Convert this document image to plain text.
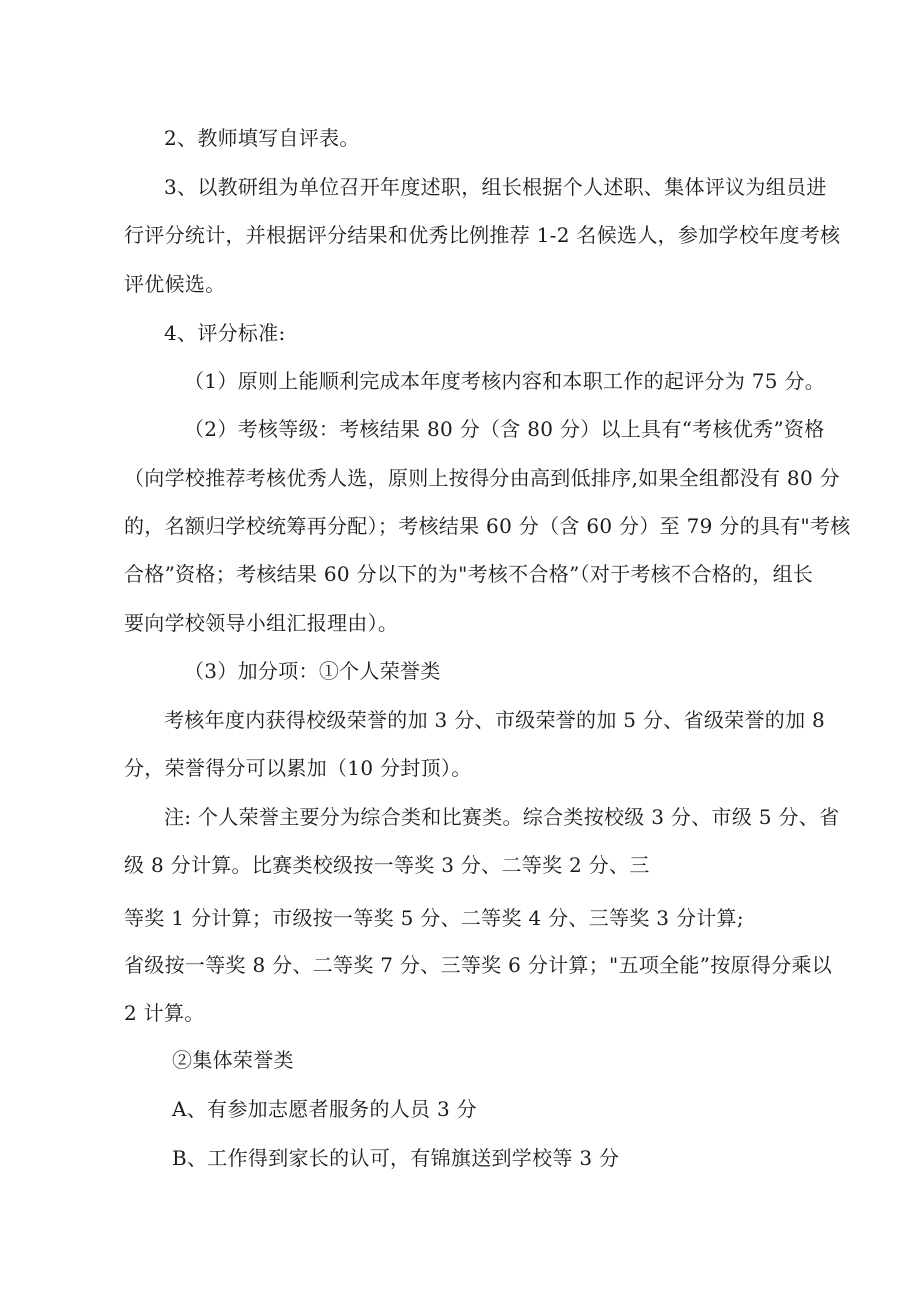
2、教师填写自评表。
3、以教研组为单位召开年度述职，组长根据个人述职、集体评议为组员进
行评分统计，并根据评分结果和优秀比例推荐 1-2 名候选人，参加学校年度考核
评优候选。
4、评分标准:
（1）原则上能顺利完成本年度考核内容和本职工作的起评分为 75 分。
（2）考核等级：考核结果 80 分（含 80 分）以上具有“考核优秀”资格
（向学校推荐考核优秀人选，原则上按得分由高到低排序,如果全组都没有 80 分
的，名额归学校统筹再分配）；考核结果 60 分（含 60 分）至 79 分的具有"考核
合格”资格；考核结果 60 分以下的为"考核不合格”（对于考核不合格的，组长
要向学校领导小组汇报理由）。
（3）加分项：①个人荣誉类
考核年度内获得校级荣誉的加 3 分、市级荣誉的加 5 分、省级荣誉的加 8
分，荣誉得分可以累加（10 分封顶）。
注: 个人荣誉主要分为综合类和比赛类。综合类按校级 3 分、市级 5 分、省
级 8 分计算。比赛类校级按一等奖 3 分、二等奖 2 分、三
等奖 1 分计算；市级按一等奖 5 分、二等奖 4 分、三等奖 3 分计算;
省级按一等奖 8 分、二等奖 7 分、三等奖 6 分计算；"五项全能”按原得分乘以
2 计算。
②集体荣誉类
A、有参加志愿者服务的人员 3 分
B、工作得到家长的认可，有锦旗送到学校等 3 分
